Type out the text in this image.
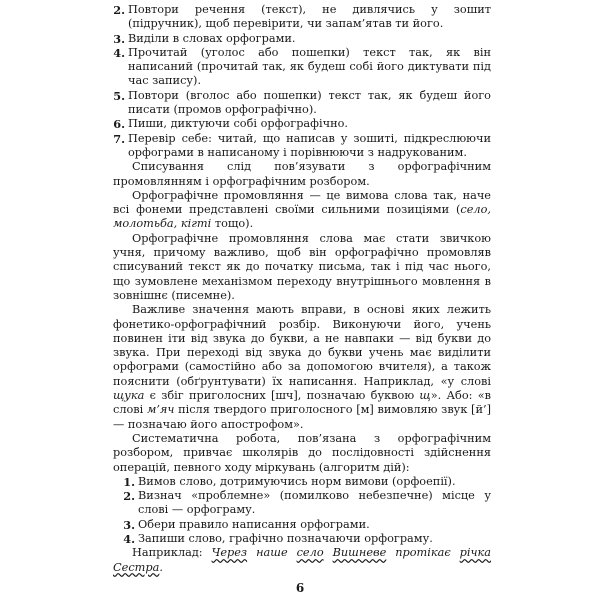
2. Повтори речення (текст), не дивлячись у зошит (підручник), щоб перевірити, чи запам’ятав ти його.
3. Виділи в словах орфограми.
4. Прочитай (уголос або пошепки) текст так, як він написаний (прочитай так, як будеш собі його диктувати під час запису).
5. Повтори (вголос або пошепки) текст так, як будеш його писати (промов орфографічно).
6. Пиши, диктуючи собі орфографічно.
7. Перевір себе: читай, що написав у зошиті, підкреслюючи орфограми в написаному і порівнюючи з надрукованим.

Списування слід пов’язувати з орфографічним промовлянням і орфографічним розбором.

Орфографічне промовляння — це вимова слова так, наче всі фонеми представлені своїми сильними позиціями (село, молотьба, кігті тощо).

Орфографічне промовляння слова має стати звичкою учня, причому важливо, щоб він орфографічно промовляв списуваний текст як до початку письма, так і під час нього, що зумовлене механізмом переходу внутрішнього мовлення в зовнішнє (писемне).

Важливе значення мають вправи, в основі яких лежить фонетико-орфографічний розбір. Виконуючи його, учень повинен іти від звука до букви, а не навпаки — від букви до звука. При переході від звука до букви учень має виділити орфограми (самостійно або за допомогою вчителя), а також пояснити (обґрунтувати) їх написання. Наприклад, «у слові щука є збіг приголосних [шч], позначаю буквою щ». Або: «в слові м’яч після твердого приголосного [м] вимовляю звук [й’] — позначаю його апострофом».

Систематична робота, пов’язана з орфографічним розбором, привчає школярів до послідовності здійснення операцій, певного ходу міркувань (алгоритм дій):

1. Вимов слово, дотримуючись норм вимови (орфоепії).
2. Визнач «проблемне» (помилково небезпечне) місце у слові — орфограму.
3. Обери правило написання орфограми.
4. Запиши слово, графічно позначаючи орфограму.

Наприклад: Через наше село Вишневе протікає річка Сестра.

6
